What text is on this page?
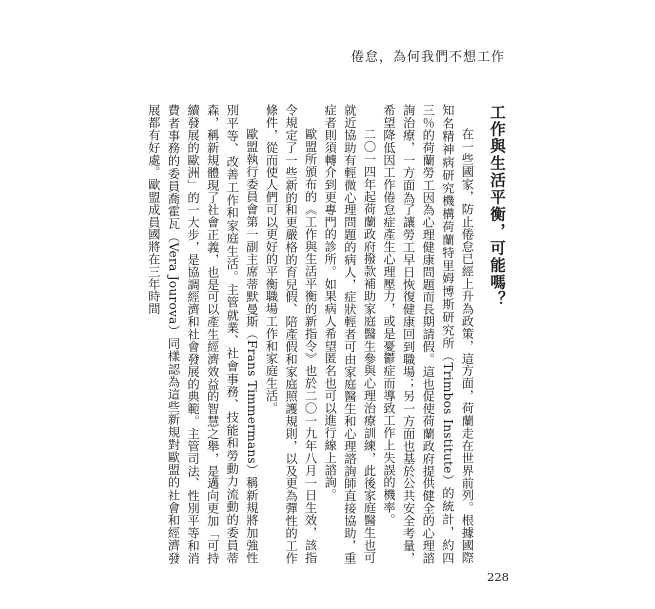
倦怠，為何我們不想工作
工作與生活平衡，可能嗎？
在一些國家，防止倦怠已經上升為政策，這方面，荷蘭走在世界前列。根據國際知名精神病研究機構荷蘭特里姆博斯研究所（Trimbos Institute）的統計，約四三％的荷蘭勞工因為心理健康問題而長期請假。這也促使荷蘭政府提供健全的心理諮詢治療，一方面為了讓勞工早日恢復健康回到職場；另一方面也基於公共安全考量，希望降低因工作倦怠症產生心理壓力，或是憂鬱症而導致工作上失誤的機率。
二〇一四年起荷蘭政府撥款補助家庭醫生參與心理治療訓練，此後家庭醫生也可就近協助有輕微心理問題的病人，症狀輕者可由家庭醫生和心理諮詢師直接協助，重症者則須轉介到更專門的診所。如果病人希望匿名也可以進行線上諮詢。
歐盟所頒布的《工作與生活平衡的新指令》也於二〇一九年八月一日生效，該指令規定了一些新的和更嚴格的育兒假、陪產假和家庭照護規則，以及更為彈性的工作條件，從而使人們可以更好的平衡職場工作和家庭生活。
歐盟執行委員會第一副主席蒂默曼斯（Frans Timmermans）稱新規將加強性別平等、改善工作和家庭生活。主管就業、社會事務、技能和勞動力流動的委員蒂森，稱新規體現了社會正義，也是可以產生經濟效益的智慧之舉，是邁向更加「可持續發展的歐洲」的一大步，是協調經濟和社會發展的典範。主管司法、性別平等和消費者事務的委員喬霍瓦（Vera Jourova）同樣認為這些新規對歐盟的社會和經濟發展都有好處。歐盟成員國將在三年時間
228
